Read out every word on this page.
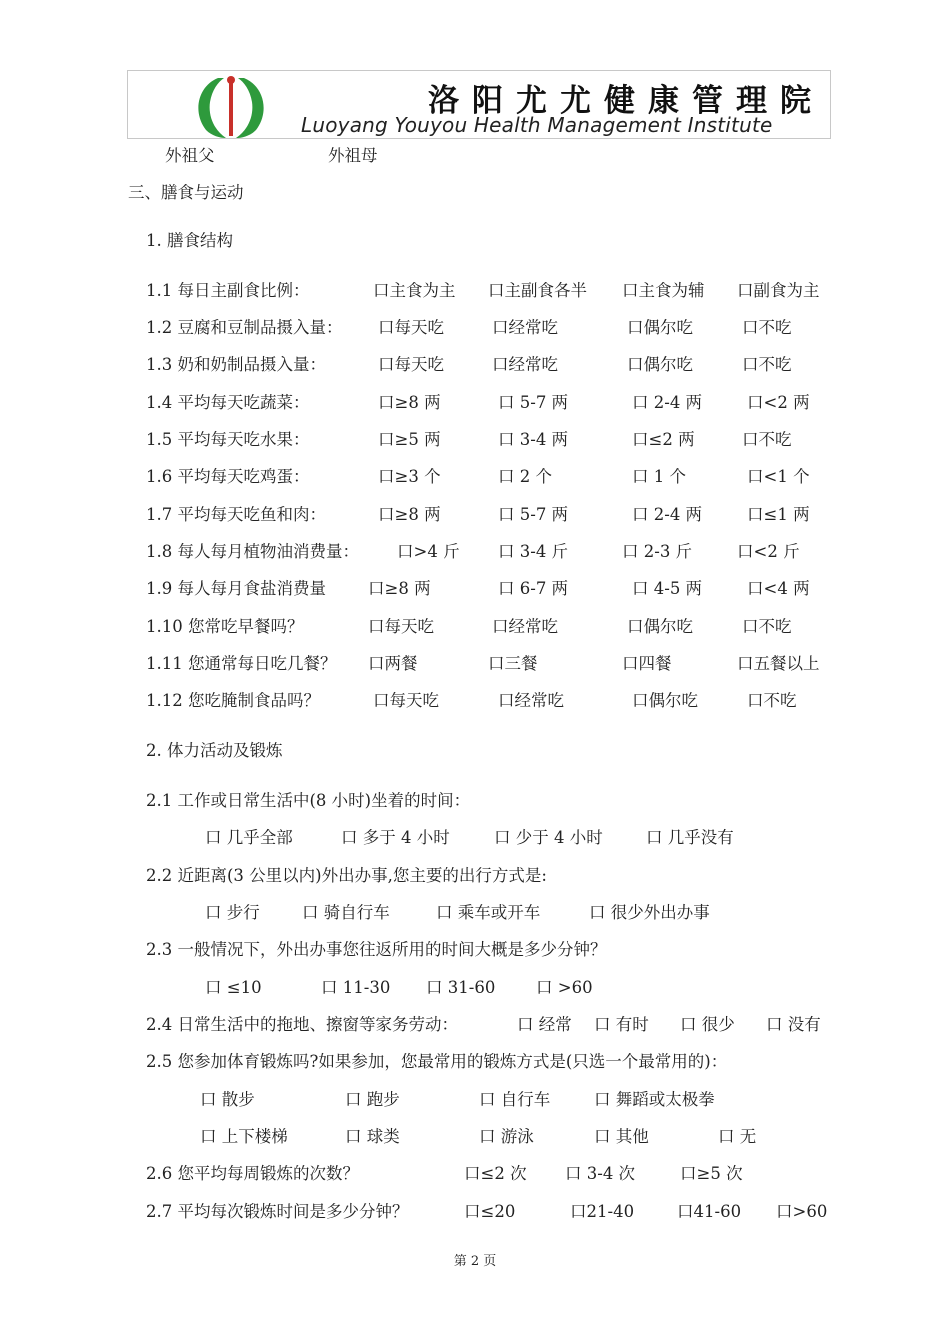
洛阳尤尤健康管理院
Luoyang Youyou Health Management Institute
外祖父	外祖母
三、膳食与运动
1. 膳食结构
1.1 每日主副食比例：	口主食为主 口主副食各半 口主食为辅 口副食为主
1.2 豆腐和豆制品摄入量： 口每天吃	口经常吃	口偶尔吃	口不吃
1.3 奶和奶制品摄入量：	口每天吃	口经常吃	口偶尔吃	口不吃
1.4 平均每天吃蔬菜：	口≥8 两	口 5-7 两	口 2-4 两	口<2 两
1.5 平均每天吃水果：	口≥5 两	口 3-4 两	口≤2 两	口不吃
1.6 平均每天吃鸡蛋：	口≥3 个	口 2 个	口 1 个	口<1 个
1.7 平均每天吃鱼和肉：	口≥8 两	口 5-7 两	口 2-4 两	口≤1 两
1.8 每人每月植物油消费量： 口>4 斤 口 3-4 斤	口 2-3 斤	口<2 斤
1.9 每人每月食盐消费量	口≥8 两	口 6-7 两	口 4-5 两	口<4 两
1.10 您常吃早餐吗？	口每天吃	口经常吃	口偶尔吃	口不吃
1.11 您通常每日吃几餐？ 口两餐	口三餐	口四餐	口五餐以上
1.12 您吃腌制食品吗？	口每天吃	口经常吃	口偶尔吃	口不吃
2. 体力活动及锻炼
2.1 工作或日常生活中(8 小时)坐着的时间：
口 几乎全部	口 多于 4 小时	口 少于 4 小时	口 几乎没有
2.2 近距离(3 公里以内)外出办事,您主要的出行方式是:
口 步行	口 骑自行车	口 乘车或开车	口 很少外出办事
2.3 一般情况下，外出办事您往返所用的时间大概是多少分钟？
口 ≤10	口 11-30 口 31-60 口 >60
2.4 日常生活中的拖地、擦窗等家务劳动：	口 经常 口 有时 口 很少 口 没有
2.5 您参加体育锻炼吗?如果参加，您最常用的锻炼方式是(只选一个最常用的)：
口 散步	口 跑步	口 自行车	口 舞蹈或太极拳
口 上下楼梯	口 球类	口 游泳	口 其他	口 无
2.6 您平均每周锻炼的次数？	口≤2 次 口 3-4 次	口≥5 次
2.7 平均每次锻炼时间是多少分钟？	口≤20	口21-40	口41-60 口>60
第 2 页
